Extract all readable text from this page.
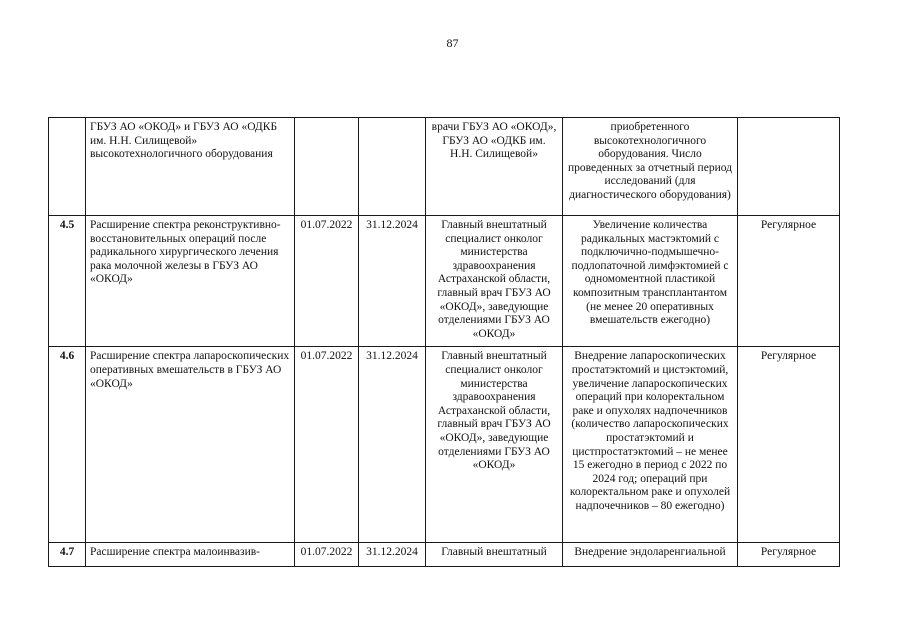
87
	ГБУЗ АО «ОКОД» и ГБУЗ АО «ОДКБ им. Н.Н. Силищевой» высокотехнологичного оборудования			врачи ГБУЗ АО «ОКОД», ГБУЗ АО «ОДКБ им. Н.Н. Силищевой»	приобретенного высокотехнологичного оборудования. Число проведенных за отчетный период исследований (для диагностического оборудования)	
4.5	Расширение спектра реконструктивно-восстановительных операций после радикального хирургического лечения рака молочной железы в ГБУЗ АО «ОКОД»	01.07.2022	31.12.2024	Главный внештатный специалист онколог министерства здравоохранения Астраханской области, главный врач ГБУЗ АО «ОКОД», заведующие отделениями ГБУЗ АО «ОКОД»	Увеличение количества радикальных мастэктомий с подключично-подмышечно-подлопаточной лимфэктомией с одномоментной пластикой композитным трансплантантом (не менее 20 оперативных вмешательств ежегодно)	Регулярное
4.6	Расширение спектра лапароскопических оперативных вмешательств в ГБУЗ АО «ОКОД»	01.07.2022	31.12.2024	Главный внештатный специалист онколог министерства здравоохранения Астраханской области, главный врач ГБУЗ АО «ОКОД», заведующие отделениями ГБУЗ АО «ОКОД»	Внедрение лапароскопических простатэктомий и цистэктомий, увеличение лапароскопических операций при колоректальном раке и опухолях надпочечников (количество лапароскопических простатэктомий и цистпростатэктомий – не менее 15 ежегодно в период с 2022 по 2024 год; операций при колоректальном раке и опухолей надпочечников – 80 ежегодно)	Регулярное
4.7	Расширение спектра малоинвазив-	01.07.2022	31.12.2024	Главный внештатный	Внедрение эндоларенгиальной	Регулярное
